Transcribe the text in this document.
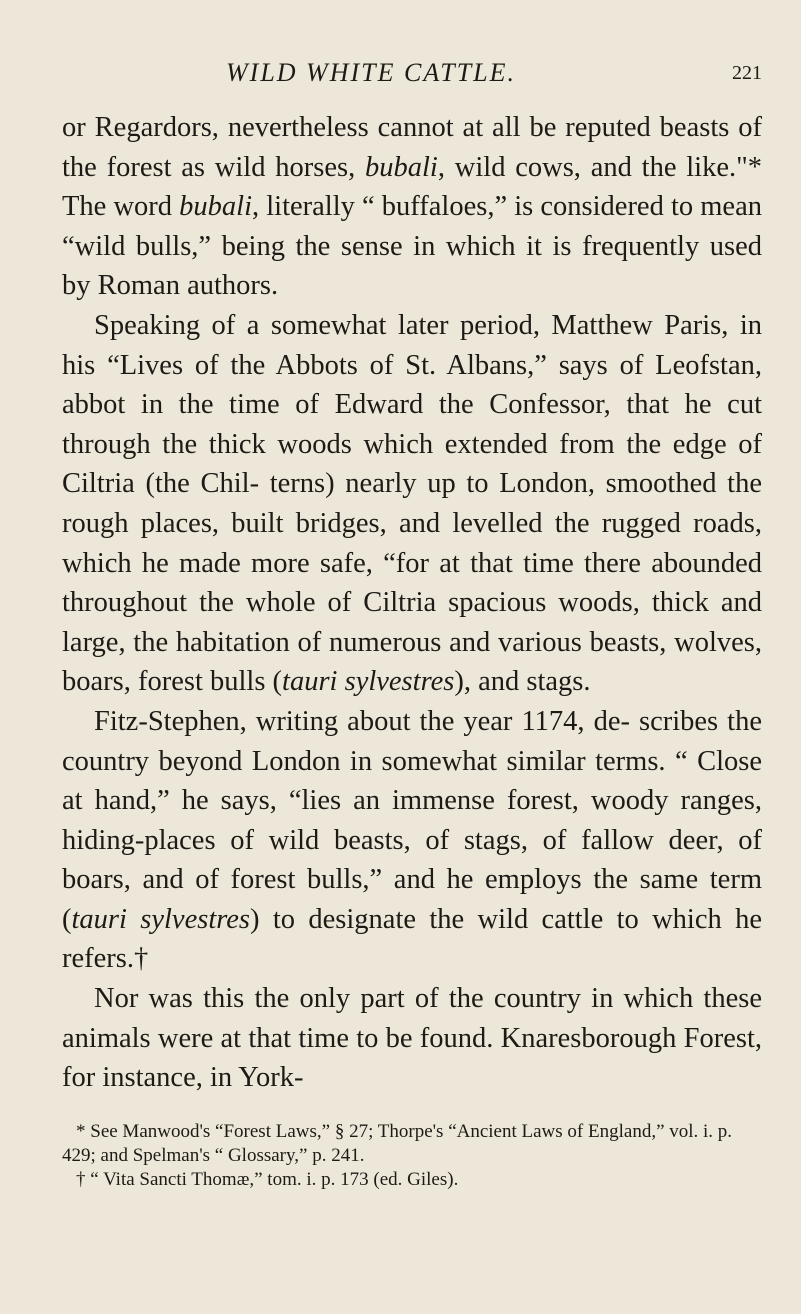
WILD WHITE CATTLE.	221

or Regardors, nevertheless cannot at all be reputed beasts of the forest as wild horses, bubali, wild cows, and the like."* The word bubali, literally “ buffaloes,” is considered to mean “wild bulls,” being the sense in which it is frequently used by Roman authors.

Speaking of a somewhat later period, Matthew Paris, in his “Lives of the Abbots of St. Albans,” says of Leofstan, abbot in the time of Edward the Confessor, that he cut through the thick woods which extended from the edge of Ciltria (the Chil- terns) nearly up to London, smoothed the rough places, built bridges, and levelled the rugged roads, which he made more safe, “for at that time there abounded throughout the whole of Ciltria spacious woods, thick and large, the habitation of numerous and various beasts, wolves, boars, forest bulls (tauri sylvestres), and stags.

Fitz-Stephen, writing about the year 1174, de- scribes the country beyond London in somewhat similar terms. “ Close at hand,” he says, “lies an immense forest, woody ranges, hiding-places of wild beasts, of stags, of fallow deer, of boars, and of forest bulls,” and he employs the same term (tauri sylvestres) to designate the wild cattle to which he refers.†

Nor was this the only part of the country in which these animals were at that time to be found. Knaresborough Forest, for instance, in York-

* See Manwood's “Forest Laws,” § 27; Thorpe's “Ancient Laws of England,” vol. i. p. 429; and Spelman's “ Glossary,” p. 241.

† “ Vita Sancti Thomæ,” tom. i. p. 173 (ed. Giles).
